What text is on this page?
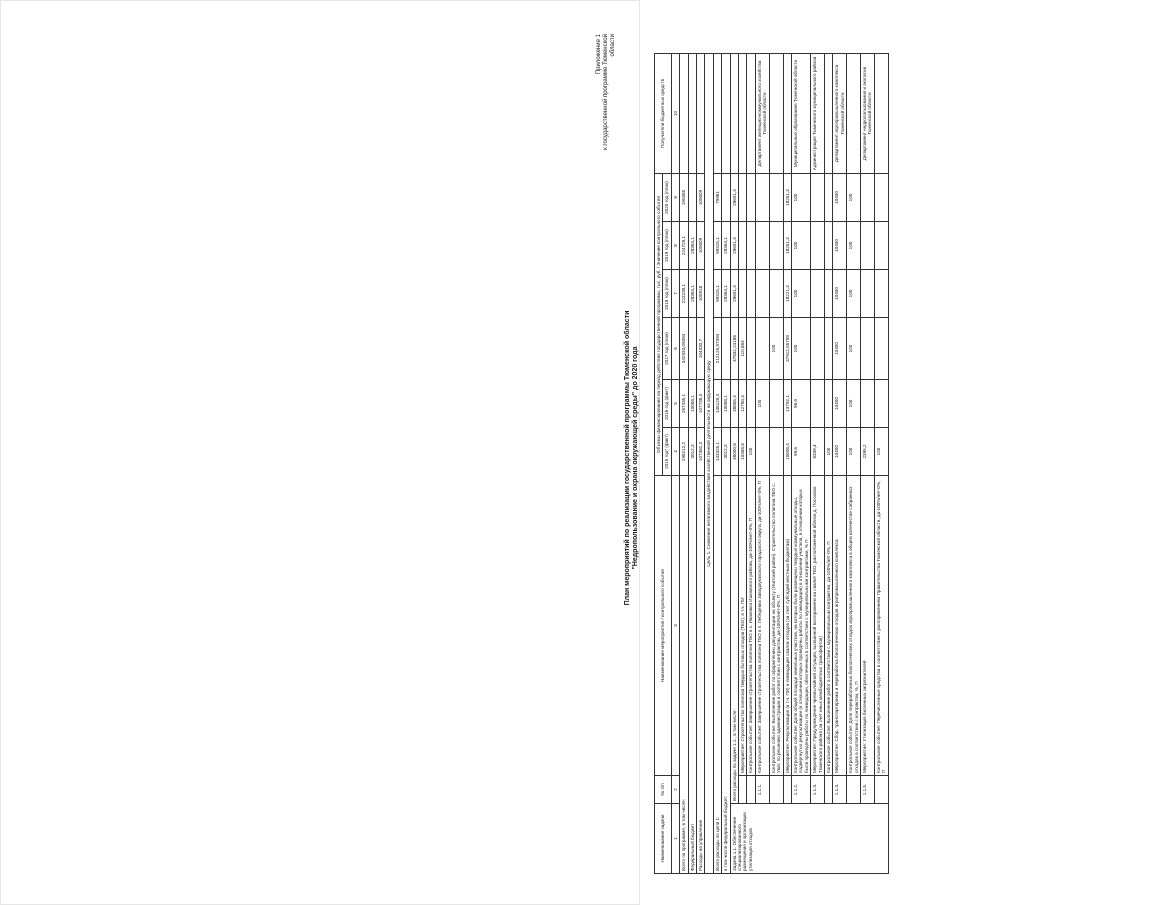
Приложение 1 к государственной программе Тюменской области
План мероприятий по реализации государственной программы Тюменской области "Недропользование и охрана окружающей среды" до 2020 года
Наименование задачи	№ п/п	Наименование мероприятия / контрольного события	Объемы финансирования на период действия государственной программы, тыс. руб. / Значение контрольного события						Получатели бюджетных средств
			2015 год* (факт)	2016 год (факт)	2017 год (план)	2018 год (план)	2019 год (план)	2020 год (план)	
1	2	3	4	5	6	7	8	9	10
Всего по программе, в том числе:			298212,2	267435,1	342933,09394	223238,1	224729,1	190385	
Федеральный бюджет			3012,3	10068,1		28364,1	28364,1		
Расходы на управление			107382,3	107738,3	104330,7	105918	105609	105609	
Цель 1. Снижение негативного воздействия хозяйственной деятельности на окружающую среду									
Всего расходы по цели 1:			143325,1	145129,4	212125,97394	99325,1	99325,1	79961	
в том числе федеральный бюджет:			3012,3	10068,1		28364,1	28364,1		
Задача 1.1. Обеспечение специализированного размещения и организации утилизации отходов	Всего расходы по задаче 1.1., в том числе:		46000,8	38865,4	47832,24186	28651,4	28651,4	28651,4	
		Мероприятие: Строительство полигона твердых бытовых отходов (ТБО), в т.ч. ПИ	10368,8	12780,3	110,684				
		Контрольное событие: Завершение строительства полигона ТБО в с. Ивановка Ишимского района, да-100%/нет-0%, П	100						
	1.1.1.	Контрольное событие: Завершение строительства полигона ТБО в п. Лебедевка Заводоуковского городского округа, да-100%/нет-0%, П		100					Департамент жилищно-коммунального хозяйства Тюменской области
		Контрольное событие: Выполнение работ по оформлению документации на объекту (Уватский район). Строительство полигона ТБО с. Уват, по решению администрации в соответствии с контрактом, да-100%/нет-0%, П			100				
		Мероприятие: Рекультивация (в т.ч. ПИ) и ликвидация свалок отходов (за счет субсидий местным бюджетам)	15608,4	13792,1	37912,55798	18221,4	18251,4	18251,4	
	1.1.2.	Контрольное событие: Доля общей площади земельных участков, на которых были размещены твердые коммунальные отходы, подвергнутых рекультивации (в отношении которых проведены работы по ликвидации) в отношении участков, в отношении которых были проведены работы по ликвидации, обеспеченных в соответствии с муниципальными контрактами, % П	99,6	96,9	100	100	100	100	Муниципальные образования Тюменской области
	1.1.3.	Мероприятие: Предупреждение чрезвычайной ситуации, вызванной возгоранием на свалке ТБО, расположенной вблизи д. Посохово Тюменского района (за счет иных межбюджетных трансфертов)	6339,4						Администрация Тюменского муниципального района
		Контрольное событие: Выполнение работ в соответствии с муниципальным контрактом, да-100%/нет-0%, П	100						
	1.1.4.	Мероприятие: Сбор, транспортировка и переработка биологических отходов агропромышленного комплекса	10400	10400	10400	10400	10400	10400	Департамент агропромышленного комплекса Тюменской области
		Контрольное событие: Доля переработанных биологических отходов агропромышленного комплекса в общем количестве собранных отходов в соответствии с контрактом, %, П	100	100	100	100	100	100	
	1.1.5.	Мероприятие: Утилизация биогенных загрязнителей	2395,2						Департамент недропользования и экологии Тюменской области
		Контрольное событие: Перечисленные средства в соответствии с распоряжением Правительства Тюменской области, да-100%/нет-0%, П	100						
